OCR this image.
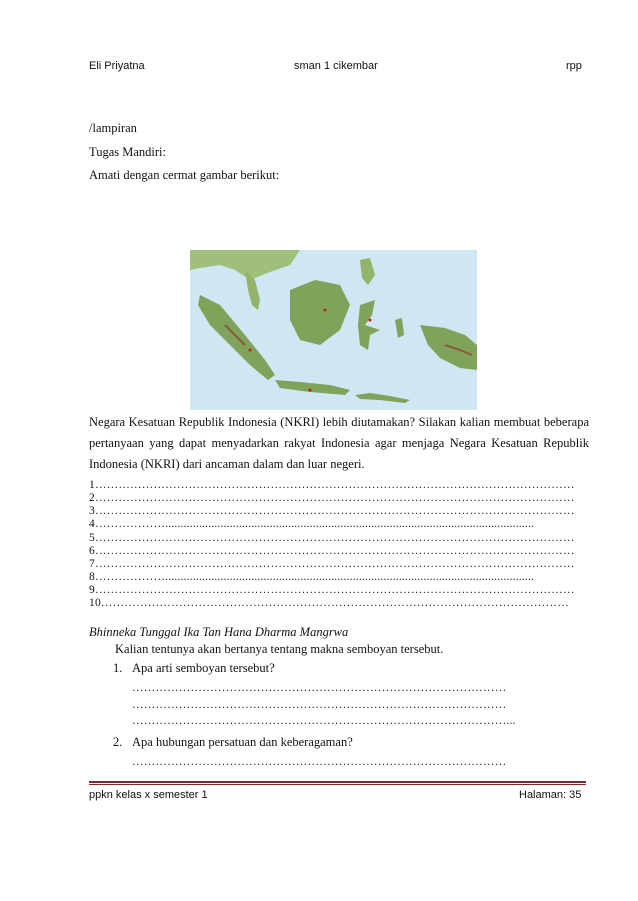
Eli Priyatna	sman 1 cikembar	rpp
/lampiran
Tugas Mandiri:
Amati dengan cermat gambar berikut:
Negara Kesatuan Republik Indonesia (NKRI) lebih diutamakan? Silakan kalian membuat beberapa pertanyaan yang dapat menyadarkan rakyat Indonesia agar menjaga Negara Kesatuan Republik Indonesia (NKRI) dari ancaman dalam dan luar negeri.
1……………………………………………………………………………………………………………
2……………………………………………………………………………………………………………
3……………………………………………………………………………………………………………
4………………........................................................................................................................
5……………………………………………………………………………………………………………
6……………………………………………………………………………………………………………
7……………………………………………………………………………………………………………
8………………........................................................................................................................
9……………………………………………………………………………………………………………
10…………………………………………………………………………………………………………
Bhinneka Tunggal Ika Tan Hana Dharma Mangrwa
Kalian tentunya akan bertanya tentang makna semboyan tersebut.
1. Apa arti semboyan tersebut?
……………………………………………………………………………………
……………………………………………………………………………………
……………………………………………………………………………………...
2. Apa hubungan persatuan dan keberagaman?
……………………………………………………………………………………
ppkn kelas x semester 1	Halaman: 35
